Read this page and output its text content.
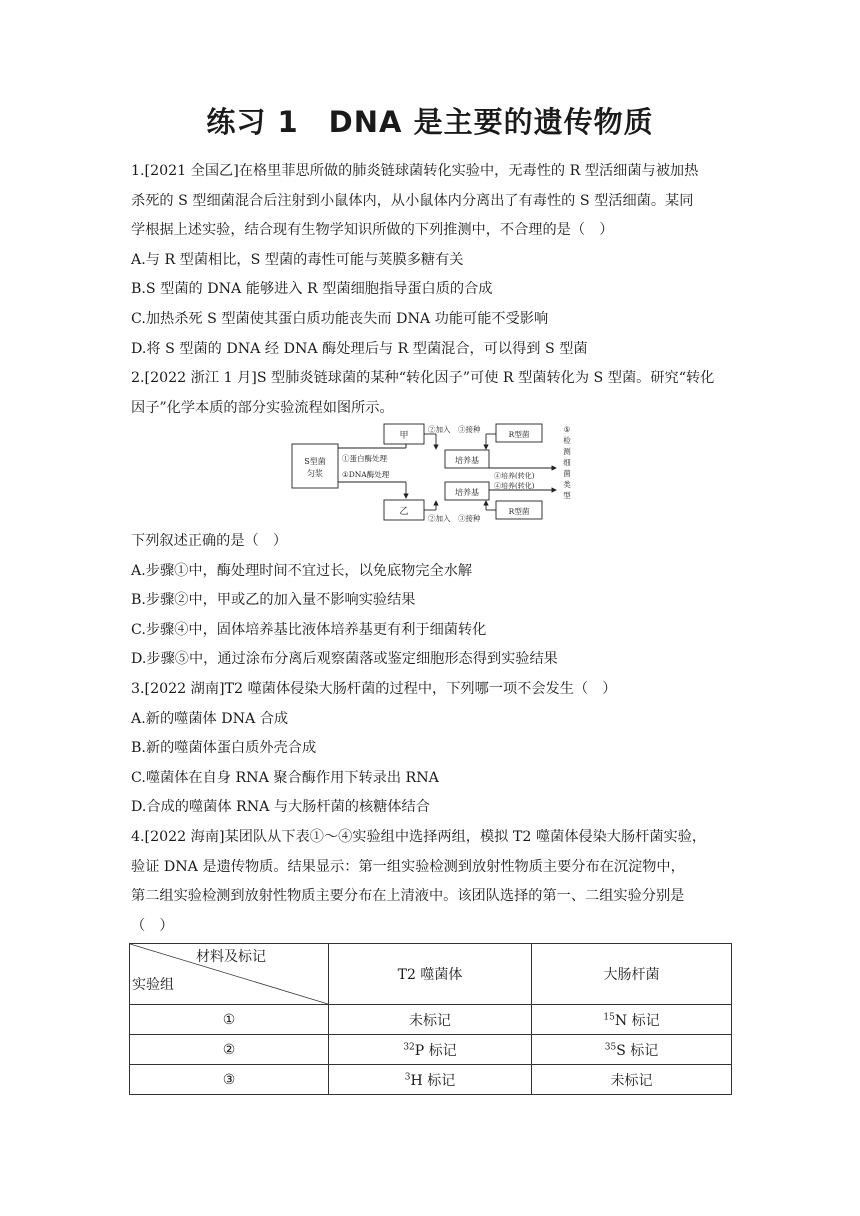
练习 1　DNA 是主要的遗传物质
1.[2021 全国乙]在格里菲思所做的肺炎链球菌转化实验中，无毒性的 R 型活细菌与被加热
杀死的 S 型细菌混合后注射到小鼠体内，从小鼠体内分离出了有毒性的 S 型活细菌。某同
学根据上述实验，结合现有生物学知识所做的下列推测中，不合理的是（　）
A.与 R 型菌相比，S 型菌的毒性可能与荚膜多糖有关
B.S 型菌的 DNA 能够进入 R 型菌细胞指导蛋白质的合成
C.加热杀死 S 型菌使其蛋白质功能丧失而 DNA 功能可能不受影响
D.将 S 型菌的 DNA 经 DNA 酶处理后与 R 型菌混合，可以得到 S 型菌
2.[2022 浙江 1 月]S 型肺炎链球菌的某种“转化因子”可使 R 型菌转化为 S 型菌。研究“转化
因子”化学本质的部分实验流程如图所示。
S型菌
匀浆
①蛋白酶处理
①DNA酶处理
甲
乙
②加入 ③接种
②加入 ③接种
R型菌
R型菌
培养基
培养基
④培养(转化)
④培养(转化)
⑤
检
测
细
菌
类
型
下列叙述正确的是（　）
A.步骤①中，酶处理时间不宜过长，以免底物完全水解
B.步骤②中，甲或乙的加入量不影响实验结果
C.步骤④中，固体培养基比液体培养基更有利于细菌转化
D.步骤⑤中，通过涂布分离后观察菌落或鉴定细胞形态得到实验结果
3.[2022 湖南]T2 噬菌体侵染大肠杆菌的过程中，下列哪一项不会发生（　）
A.新的噬菌体 DNA 合成
B.新的噬菌体蛋白质外壳合成
C.噬菌体在自身 RNA 聚合酶作用下转录出 RNA
D.合成的噬菌体 RNA 与大肠杆菌的核糖体结合
4.[2022 海南]某团队从下表①～④实验组中选择两组，模拟 T2 噬菌体侵染大肠杆菌实验，
验证 DNA 是遗传物质。结果显示：第一组实验检测到放射性物质主要分布在沉淀物中，
第二组实验检测到放射性物质主要分布在上清液中。该团队选择的第一、二组实验分别是
（　）
材料及标记
实验组	T2 噬菌体	大肠杆菌
①	未标记	$^{15}$N 标记
②	$^{32}$P 标记	$^{35}$S 标记
③	$^3$H 标记	未标记
